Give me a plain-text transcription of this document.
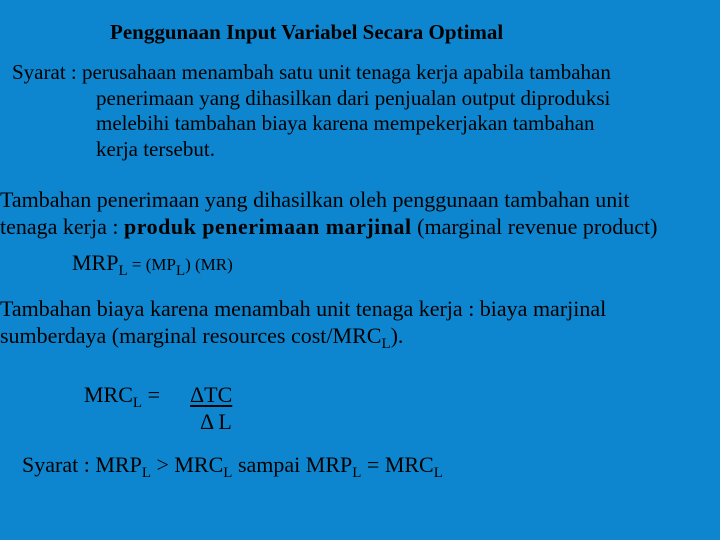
Penggunaan Input Variabel Secara Optimal
Syarat : perusahaan menambah satu unit tenaga kerja apabila tambahan
penerimaan yang dihasilkan dari penjualan output diproduksi
melebihi tambahan biaya karena mempekerjakan tambahan
kerja tersebut.
Tambahan penerimaan yang dihasilkan oleh penggunaan tambahan unit
tenaga kerja : produk penerimaan marjinal (marginal revenue product)
$MRP_L = (MP_L)$ (MR)
Tambahan biaya karena menambah unit tenaga kerja : biaya marjinal
sumberdaya (marginal resources cost/$MRC_L$).
$MRC_L = \Delta TC$
Δ L
Syarat : $MRP_L > MRC_L$ sampai $MRP_L = MRC_L$
